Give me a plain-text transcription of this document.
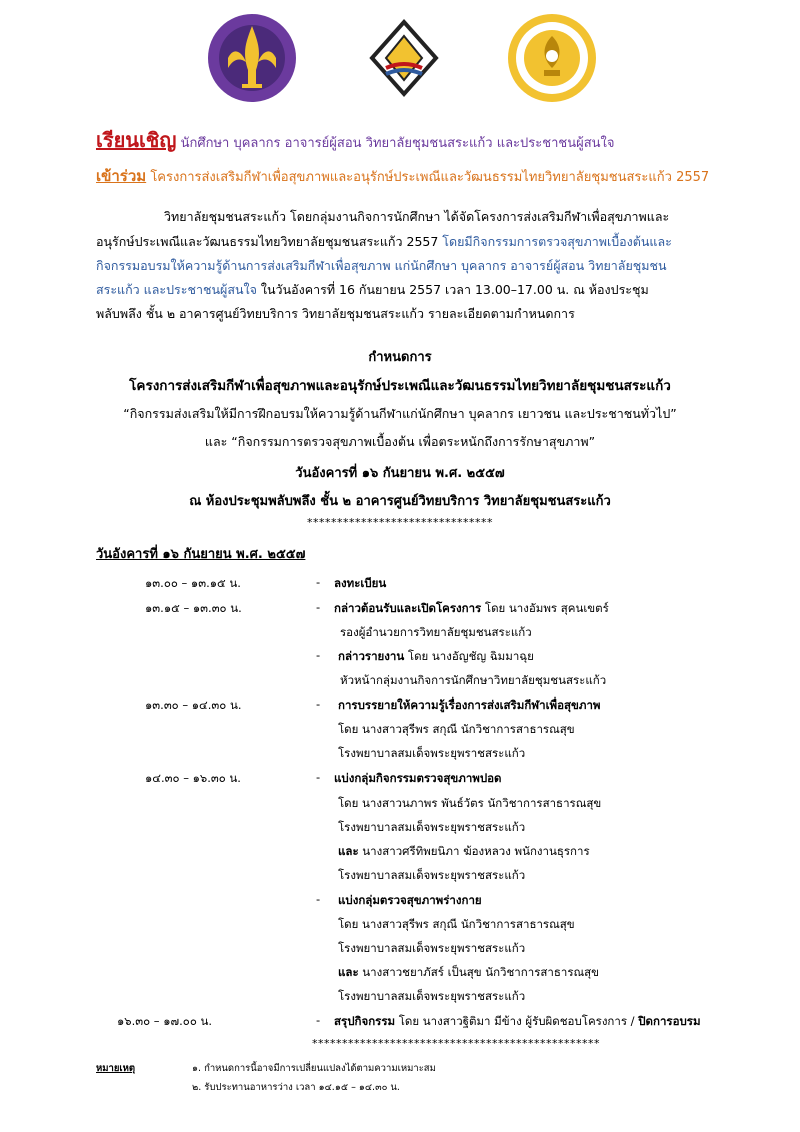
เรียนเชิญ นักศึกษา บุคลากร อาจารย์ผู้สอน วิทยาลัยชุมชนสระแก้ว และประชาชนผู้สนใจ
เข้าร่วม โครงการส่งเสริมกีฬาเพื่อสุขภาพและอนุรักษ์ประเพณีและวัฒนธรรมไทยวิทยาลัยชุมชนสระแก้ว 2557
วิทยาลัยชุมชนสระแก้ว โดยกลุ่มงานกิจการนักศึกษา ได้จัดโครงการส่งเสริมกีฬาเพื่อสุขภาพและ
อนุรักษ์ประเพณีและวัฒนธรรมไทยวิทยาลัยชุมชนสระแก้ว 2557 โดยมีกิจกรรมการตรวจสุขภาพเบื้องต้นและ
กิจกรรมอบรมให้ความรู้ด้านการส่งเสริมกีฬาเพื่อสุขภาพ แก่นักศึกษา บุคลากร อาจารย์ผู้สอน วิทยาลัยชุมชน
สระแก้ว และประชาชนผู้สนใจ ในวันอังคารที่ 16 กันยายน 2557 เวลา 13.00–17.00 น. ณ ห้องประชุม
พลับพลึง ชั้น ๒ อาคารศูนย์วิทยบริการ วิทยาลัยชุมชนสระแก้ว รายละเอียดตามกำหนดการ
กำหนดการ
โครงการส่งเสริมกีฬาเพื่อสุขภาพและอนุรักษ์ประเพณีและวัฒนธรรมไทยวิทยาลัยชุมชนสระแก้ว
“กิจกรรมส่งเสริมให้มีการฝึกอบรมให้ความรู้ด้านกีฬาแก่นักศึกษา บุคลากร เยาวชน และประชาชนทั่วไป”
และ “กิจกรรมการตรวจสุขภาพเบื้องต้น เพื่อตระหนักถึงการรักษาสุขภาพ”
วันอังคารที่ ๑๖ กันยายน พ.ศ. ๒๕๕๗
ณ ห้องประชุมพลับพลึง ชั้น ๒ อาคารศูนย์วิทยบริการ วิทยาลัยชุมชนสระแก้ว
*******************************
วันอังคารที่ ๑๖ กันยายน พ.ศ. ๒๕๕๗
๑๓.๐๐ – ๑๓.๑๕ น.	- ลงทะเบียน
๑๓.๑๕ – ๑๓.๓๐ น.	- กล่าวต้อนรับและเปิดโครงการ โดย นางอัมพร สุคนเขตร์
รองผู้อำนวยการวิทยาลัยชุมชนสระแก้ว
- กล่าวรายงาน โดย นางอัญชัญ ฉิมมาฉุย
หัวหน้ากลุ่มงานกิจการนักศึกษาวิทยาลัยชุมชนสระแก้ว
๑๓.๓๐ – ๑๔.๓๐ น.	- การบรรยายให้ความรู้เรื่องการส่งเสริมกีฬาเพื่อสุขภาพ
โดย นางสาวสุรีพร สกุณี นักวิชาการสาธารณสุข
โรงพยาบาลสมเด็จพระยุพราชสระแก้ว
๑๔.๓๐ – ๑๖.๓๐ น.	- แบ่งกลุ่มกิจกรรมตรวจสุขภาพปอด
โดย นางสาวนภาพร พันธ์วัตร นักวิชาการสาธารณสุข
โรงพยาบาลสมเด็จพระยุพราชสระแก้ว
และ นางสาวศรีทิพยนิภา ฆ้องหลวง พนักงานธุรการ
โรงพยาบาลสมเด็จพระยุพราชสระแก้ว
- แบ่งกลุ่มตรวจสุขภาพร่างกาย
โดย นางสาวสุรีพร สกุณี นักวิชาการสาธารณสุข
โรงพยาบาลสมเด็จพระยุพราชสระแก้ว
และ นางสาวชยาภัสร์ เป็นสุข นักวิชาการสาธารณสุข
โรงพยาบาลสมเด็จพระยุพราชสระแก้ว
๑๖.๓๐ – ๑๗.๐๐ น.	- สรุปกิจกรรม โดย นางสาวฐิติมา มีข้าง ผู้รับผิดชอบโครงการ / ปิดการอบรม
************************************************
หมายเหตุ	๑. กำหนดการนี้อาจมีการเปลี่ยนแปลงได้ตามความเหมาะสม
๒. รับประทานอาหารว่าง เวลา ๑๔.๑๕ – ๑๔.๓๐ น.
